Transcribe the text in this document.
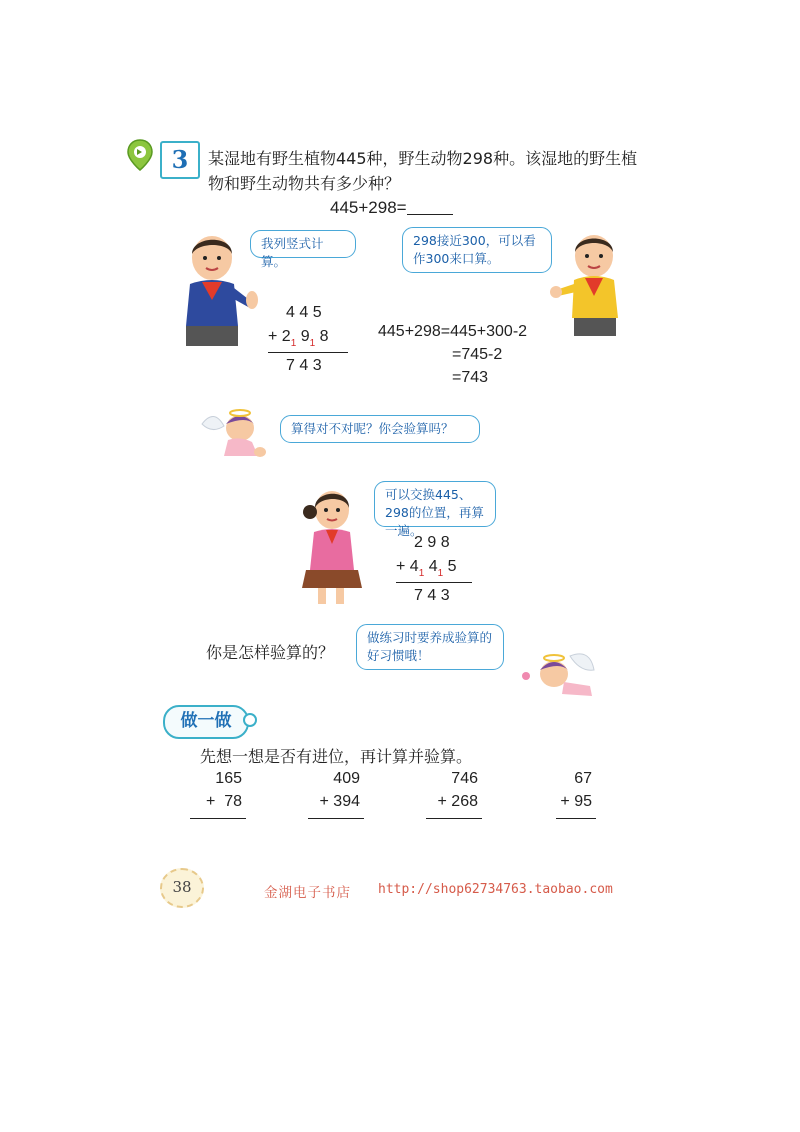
3	某湿地有野生植物445种，野生动物298种。该湿地的野生植物和野生动物共有多少种？
445+298=
我列竖式计算。
298接近300，可以看作300来口算。
4 4 5
+ $2_1$ $9_1$ 8
7 4 3
445+298=445+300-2
=745-2
=743
算得对不对呢？你会验算吗？
可以交换445、298的位置，再算一遍。
2 9 8
+ $4_1$ $4_1$ 5
7 4 3
你是怎样验算的？
做练习时要养成验算的好习惯哦！
做一做
先想一想是否有进位，再计算并验算。
165
+  78
409
+ 394
746
+ 268
67
+ 95
38	金湖电子书店 http://shop62734763.taobao.com
